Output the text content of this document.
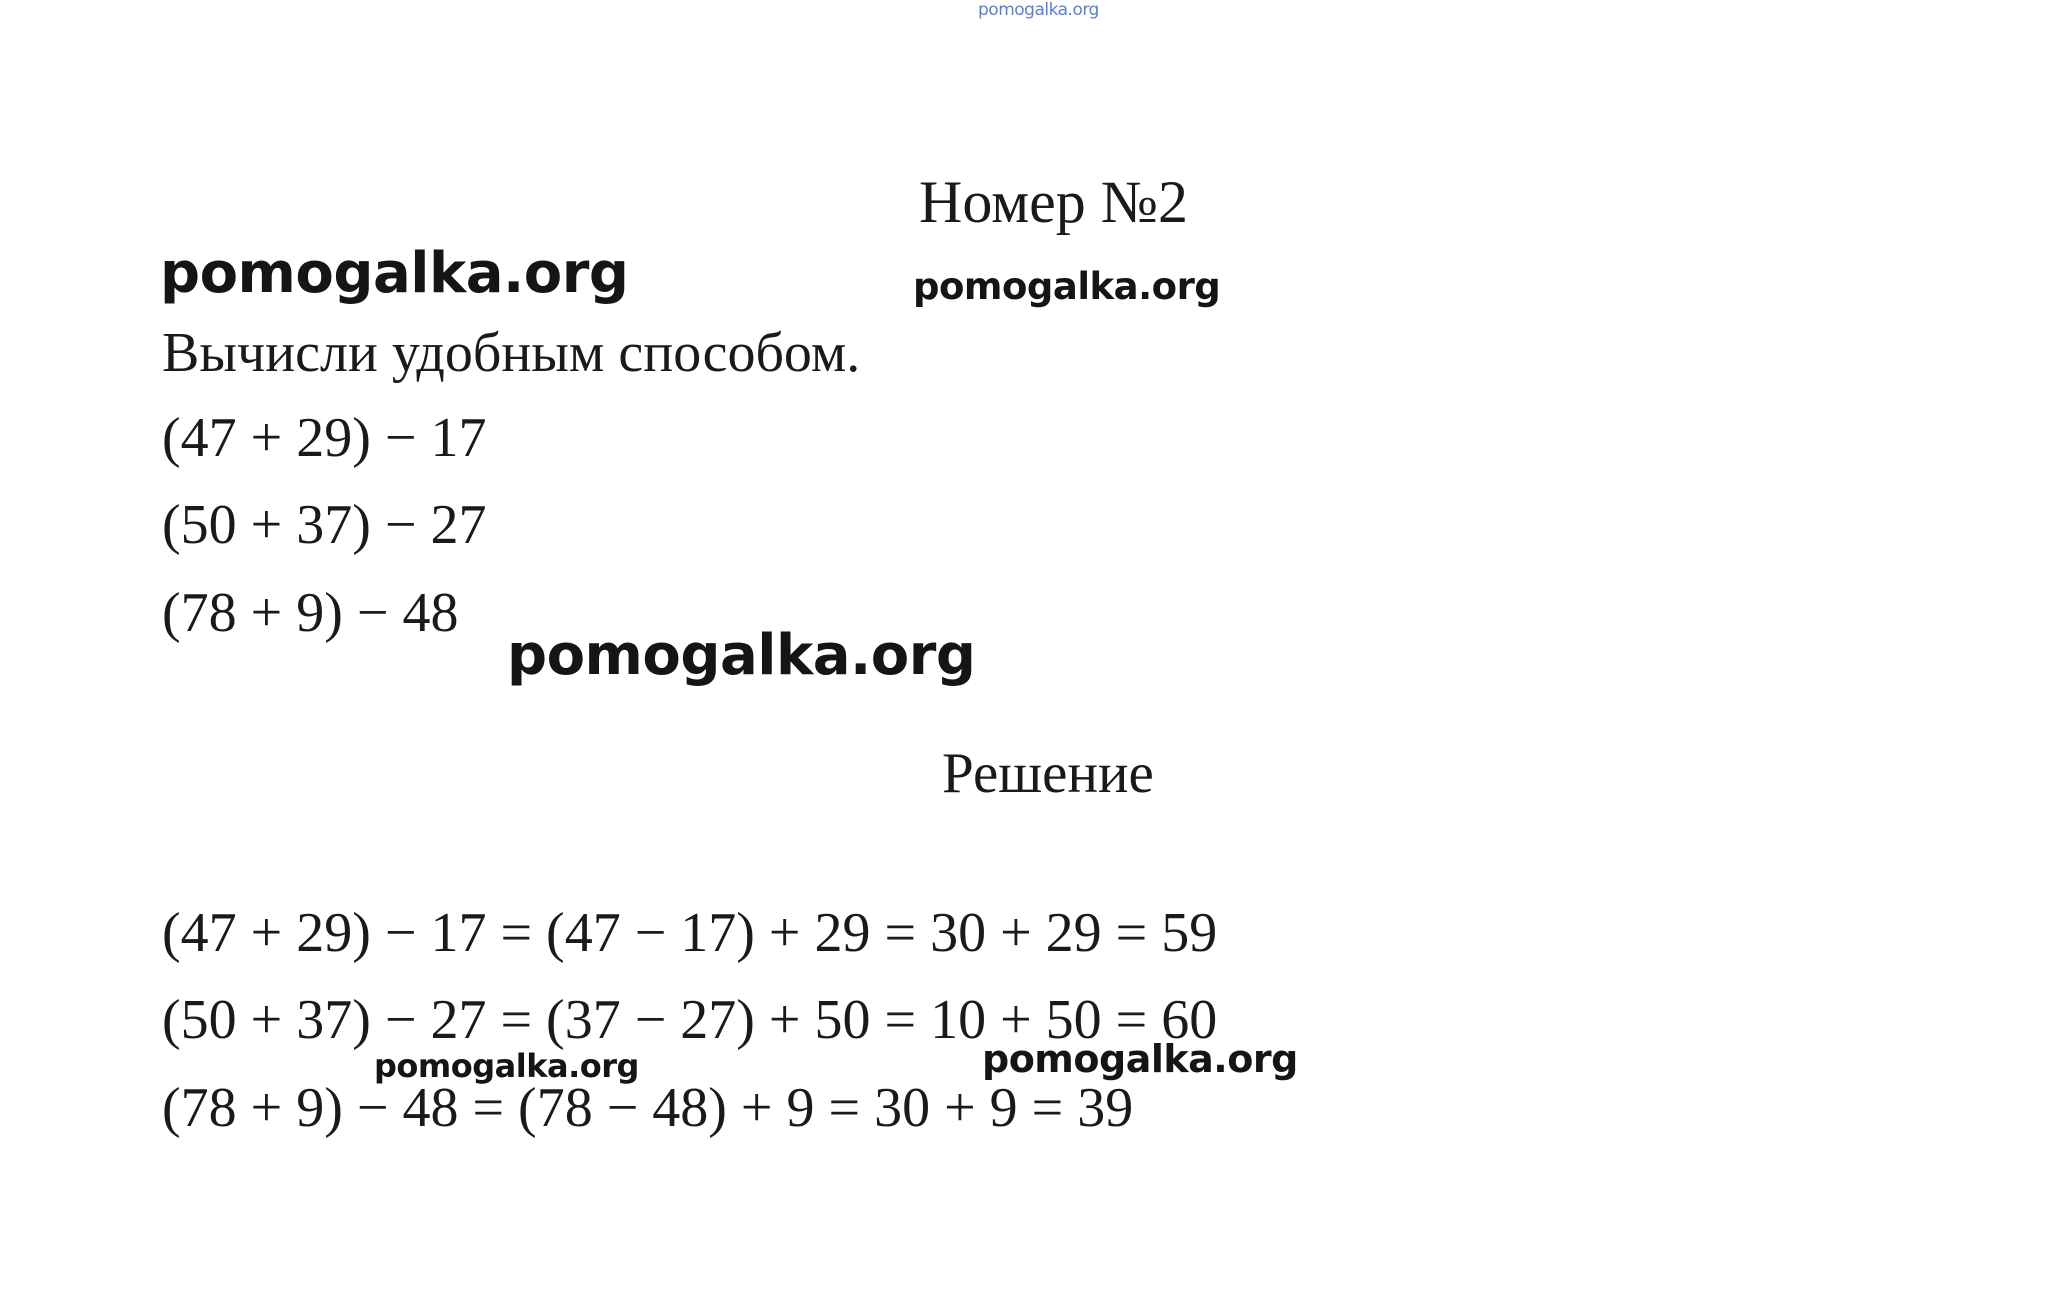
pomogalka.org
Номер №2
pomogalka.org	pomogalka.org
Вычисли удобным способом.
(47 + 29) − 17
(50 + 37) − 27
(78 + 9) − 48
pomogalka.org
Решение
(47 + 29) − 17 = (47 − 17) + 29 = 30 + 29 = 59
(50 + 37) − 27 = (37 − 27) + 50 = 10 + 50 = 60
(78 + 9) − 48 = (78 − 48) + 9 = 30 + 9 = 39
pomogalka.org	pomogalka.org
